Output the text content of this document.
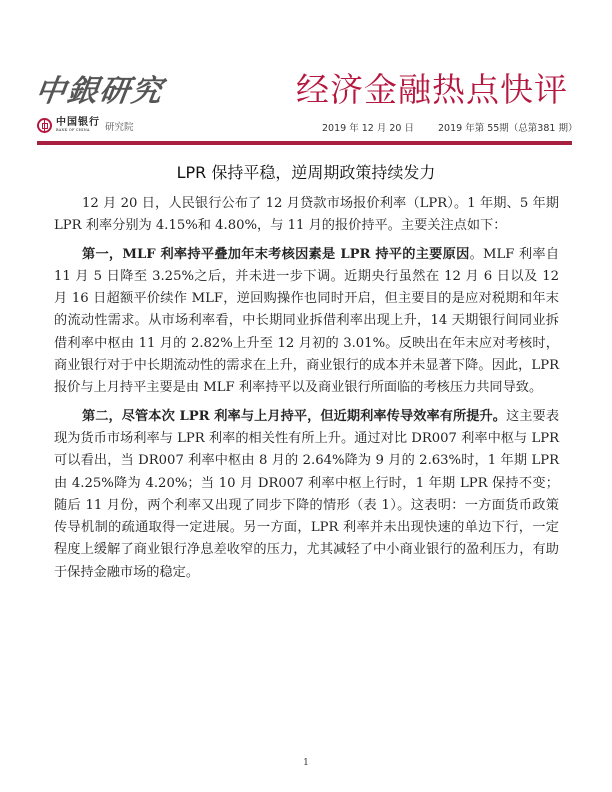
中銀研究	经济金融热点快评
中国银行
BANK OF CHINA	研究院	2019 年 12 月 20 日	2019 年第 55期（总第381 期）
LPR 保持平稳，逆周期政策持续发力

12 月 20 日，人民银行公布了 12 月贷款市场报价利率（LPR）。1 年期、5 年期 LPR 利率分别为 4.15%和 4.80%，与 11 月的报价持平。主要关注点如下：

第一，MLF 利率持平叠加年末考核因素是 LPR 持平的主要原因。MLF 利率自 11 月 5 日降至 3.25%之后，并未进一步下调。近期央行虽然在 12 月 6 日以及 12 月 16 日超额平价续作 MLF，逆回购操作也同时开启，但主要目的是应对税期和年末的流动性需求。从市场利率看，中长期同业拆借利率出现上升，14 天期银行间同业拆借利率中枢由 11 月的 2.82%上升至 12 月初的 3.01%。反映出在年末应对考核时，商业银行对于中长期流动性的需求在上升，商业银行的成本并未显著下降。因此，LPR 报价与上月持平主要是由 MLF 利率持平以及商业银行所面临的考核压力共同导致。

第二，尽管本次 LPR 利率与上月持平，但近期利率传导效率有所提升。这主要表现为货币市场利率与 LPR 利率的相关性有所上升。通过对比 DR007 利率中枢与 LPR 可以看出，当 DR007 利率中枢由 8 月的 2.64%降为 9 月的 2.63%时，1 年期 LPR 由 4.25%降为 4.20%；当 10 月 DR007 利率中枢上行时，1 年期 LPR 保持不变；随后 11 月份，两个利率又出现了同步下降的情形（表 1）。这表明：一方面货币政策传导机制的疏通取得一定进展。另一方面，LPR 利率并未出现快速的单边下行，一定程度上缓解了商业银行净息差收窄的压力，尤其减轻了中小商业银行的盈利压力，有助于保持金融市场的稳定。

1
